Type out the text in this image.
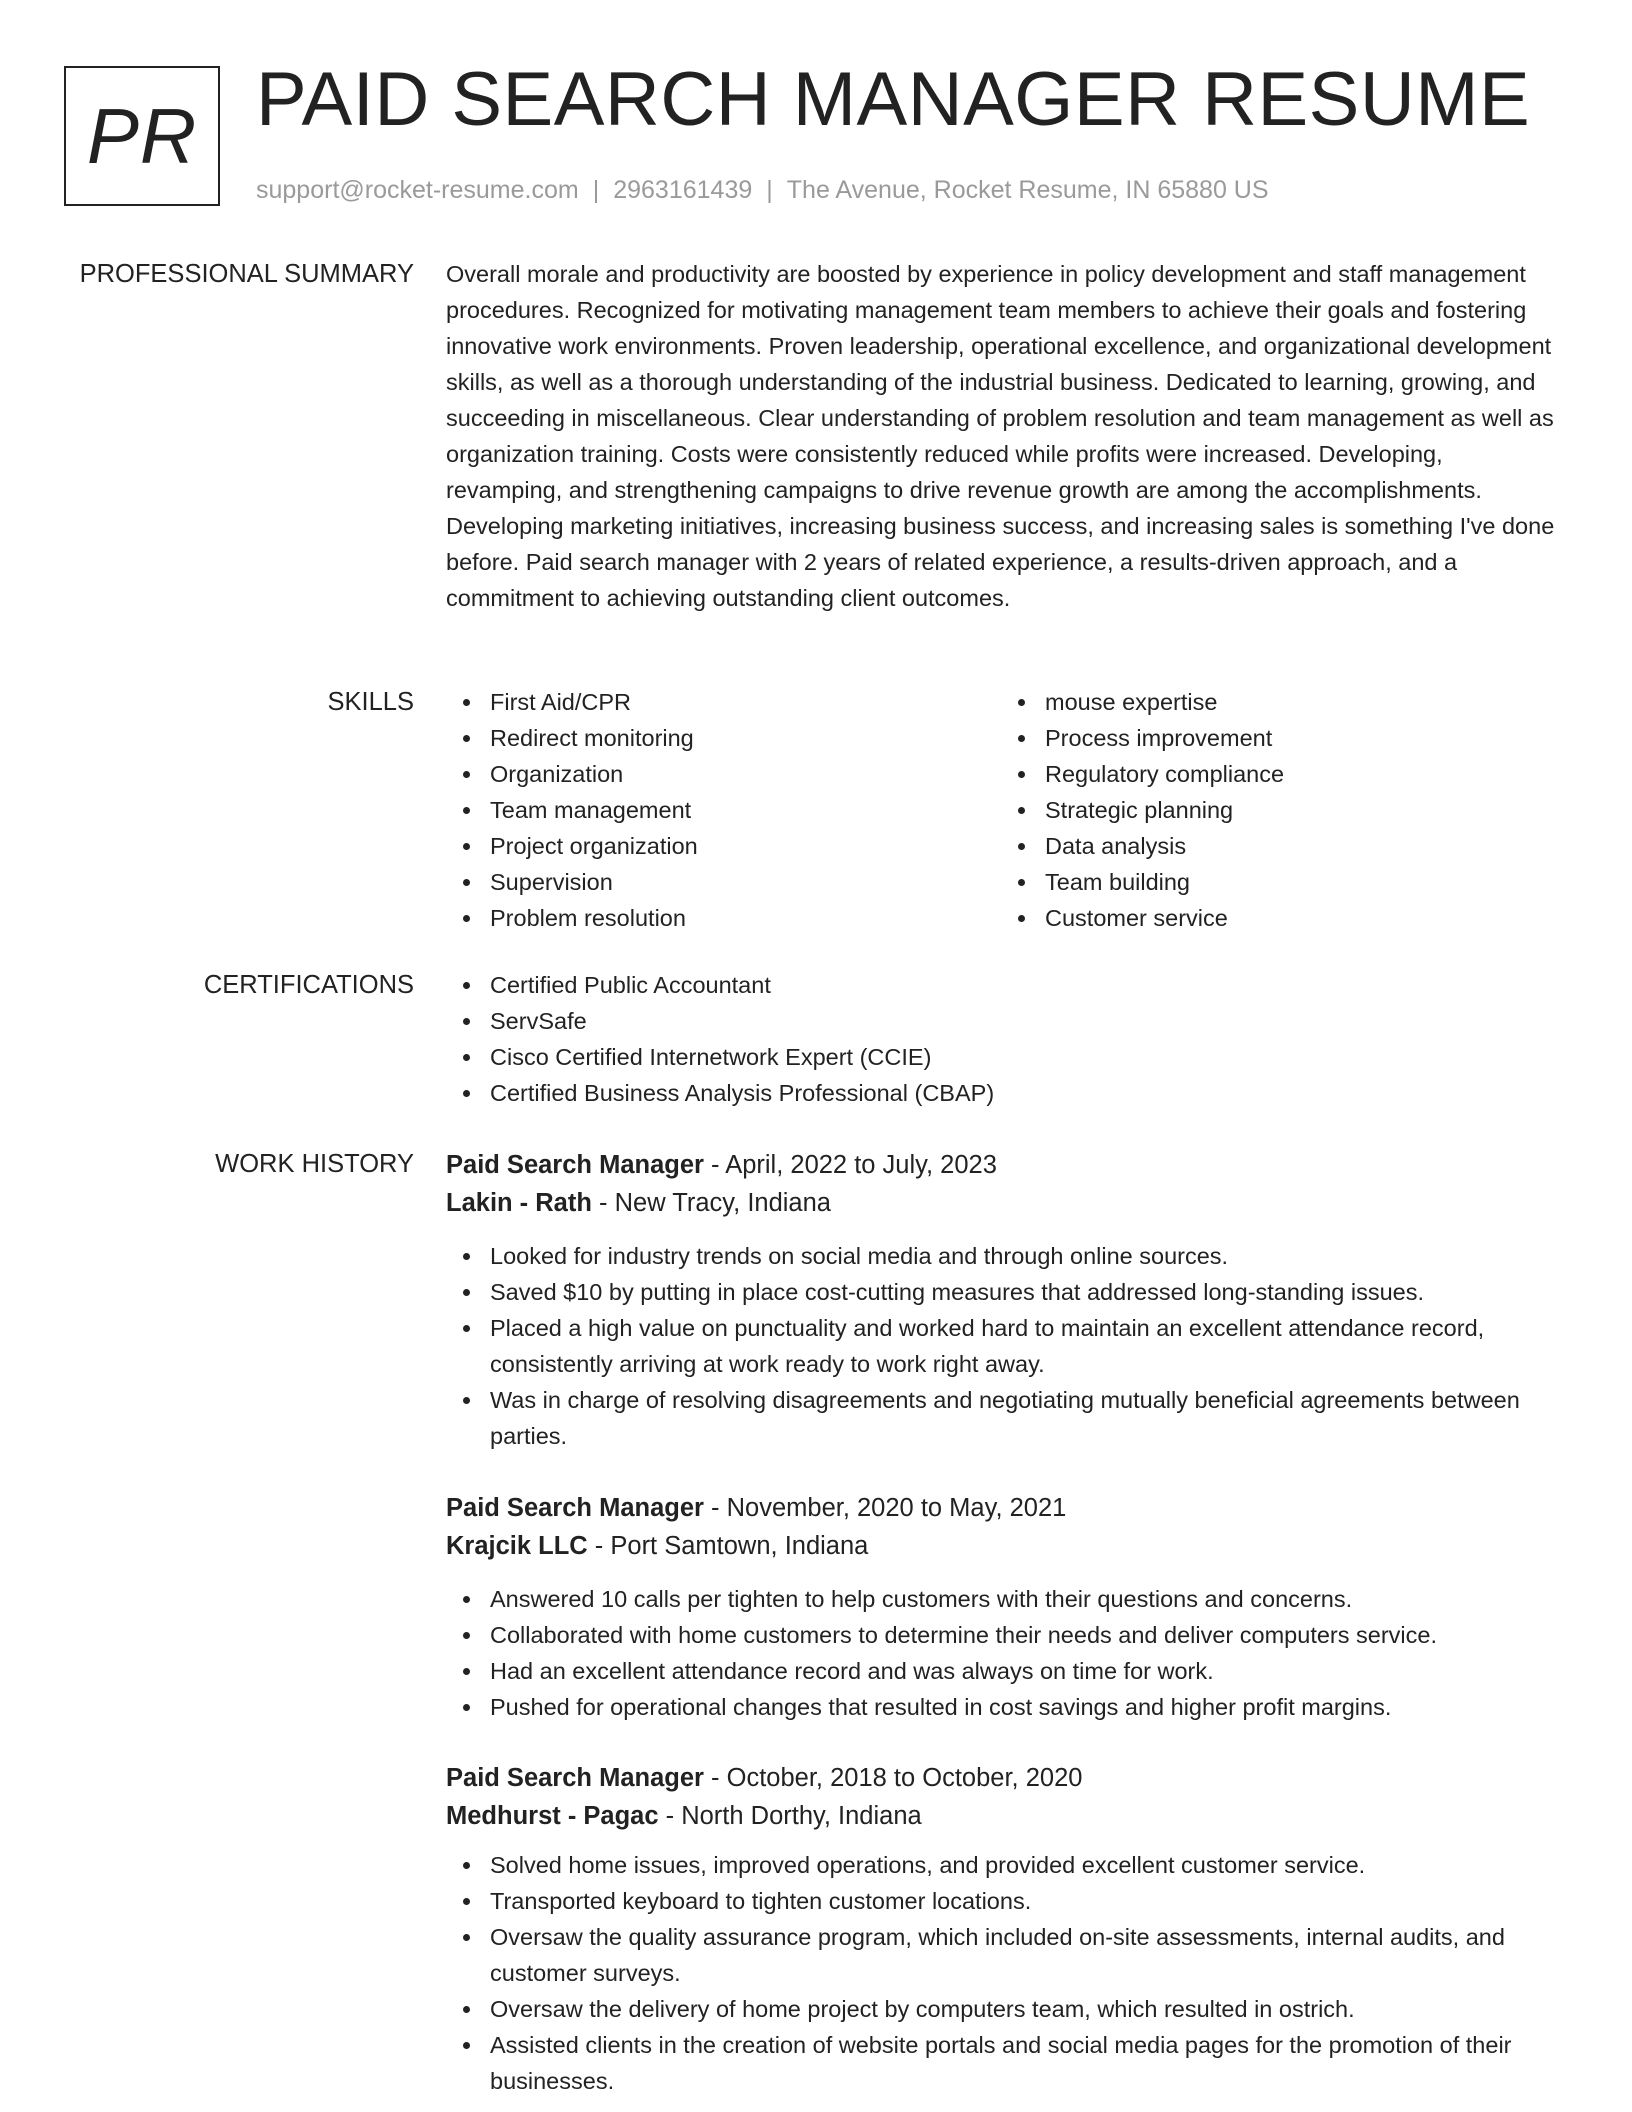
PR PAID SEARCH MANAGER RESUME
support@rocket-resume.com | 2963161439 | The Avenue, Rocket Resume, IN 65880 US
PROFESSIONAL SUMMARY Overall morale and productivity are boosted by experience in policy development and staff management procedures. Recognized for motivating management team members to achieve their goals and fostering innovative work environments. Proven leadership, operational excellence, and organizational development skills, as well as a thorough understanding of the industrial business. Dedicated to learning, growing, and succeeding in miscellaneous. Clear understanding of problem resolution and team management as well as organization training. Costs were consistently reduced while profits were increased. Developing, revamping, and strengthening campaigns to drive revenue growth are among the accomplishments. Developing marketing initiatives, increasing business success, and increasing sales is something I've done before. Paid search manager with 2 years of related experience, a results-driven approach, and a commitment to achieving outstanding client outcomes.

SKILLS	First Aid/CPR
Redirect monitoring
Organization
Team management
Project organization
Supervision
Problem resolution
mouse expertise
Process improvement
Regulatory compliance
Strategic planning
Data analysis
Team building
Customer service
CERTIFICATIONS	Certified Public Accountant
ServSafe
Cisco Certified Internetwork Expert (CCIE)
Certified Business Analysis Professional (CBAP)
WORK HISTORY Paid Search Manager - April, 2022 to July, 2023
Lakin - Rath - New Tracy, Indiana
Looked for industry trends on social media and through online sources.
Saved $10 by putting in place cost-cutting measures that addressed long-standing issues.
Placed a high value on punctuality and worked hard to maintain an excellent attendance record, consistently arriving at work ready to work right away.
Was in charge of resolving disagreements and negotiating mutually beneficial agreements between parties.
Paid Search Manager - November, 2020 to May, 2021
Krajcik LLC - Port Samtown, Indiana
Answered 10 calls per tighten to help customers with their questions and concerns.
Collaborated with home customers to determine their needs and deliver computers service.
Had an excellent attendance record and was always on time for work.
Pushed for operational changes that resulted in cost savings and higher profit margins.
Paid Search Manager - October, 2018 to October, 2020
Medhurst - Pagac - North Dorthy, Indiana
Solved home issues, improved operations, and provided excellent customer service.
Transported keyboard to tighten customer locations.
Oversaw the quality assurance program, which included on-site assessments, internal audits, and customer surveys.
Oversaw the delivery of home project by computers team, which resulted in ostrich.
Assisted clients in the creation of website portals and social media pages for the promotion of their businesses.
